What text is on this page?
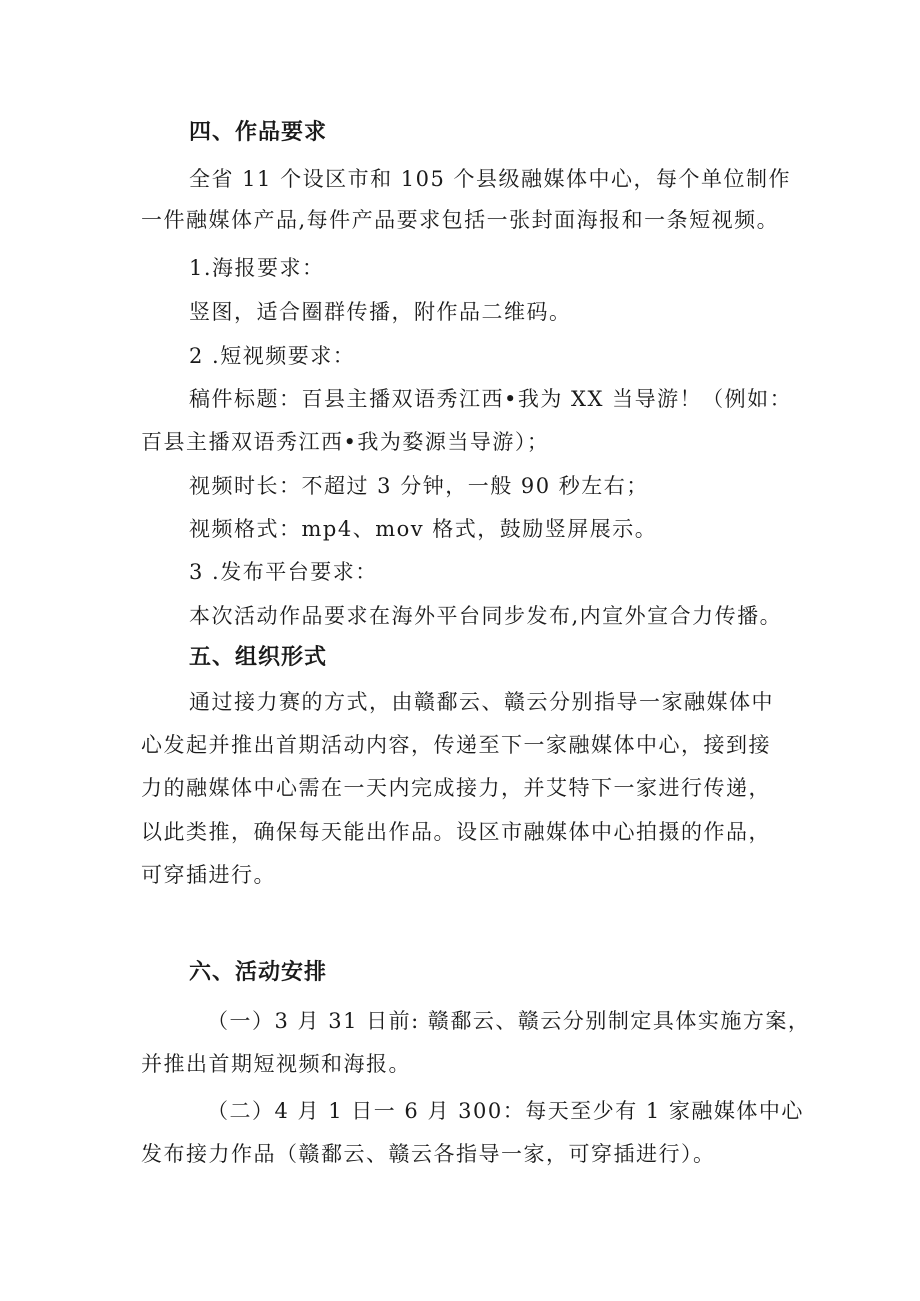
四、作品要求
全省 11 个设区市和 105 个县级融媒体中心，每个单位制作
一件融媒体产品,每件产品要求包括一张封面海报和一条短视频。
1.海报要求：
竖图，适合圈群传播，附作品二维码。
2 .短视频要求：
稿件标题：百县主播双语秀江西•我为 XX 当导游！（例如：
百县主播双语秀江西•我为婺源当导游）；
视频时长：不超过 3 分钟，一般 90 秒左右；
视频格式：mp4、mov 格式，鼓励竖屏展示。
3 .发布平台要求：
本次活动作品要求在海外平台同步发布,内宣外宣合力传播。
五、组织形式
通过接力赛的方式，由赣鄱云、赣云分别指导一家融媒体中
心发起并推出首期活动内容，传递至下一家融媒体中心，接到接
力的融媒体中心需在一天内完成接力，并艾特下一家进行传递，
以此类推，确保每天能出作品。设区市融媒体中心拍摄的作品，
可穿插进行。
六、活动安排
（一）3 月 31 日前: 赣鄱云、赣云分别制定具体实施方案，
并推出首期短视频和海报。
（二）4 月 1 日一 6 月 300：每天至少有 1 家融媒体中心
发布接力作品（赣鄱云、赣云各指导一家，可穿插进行）。
